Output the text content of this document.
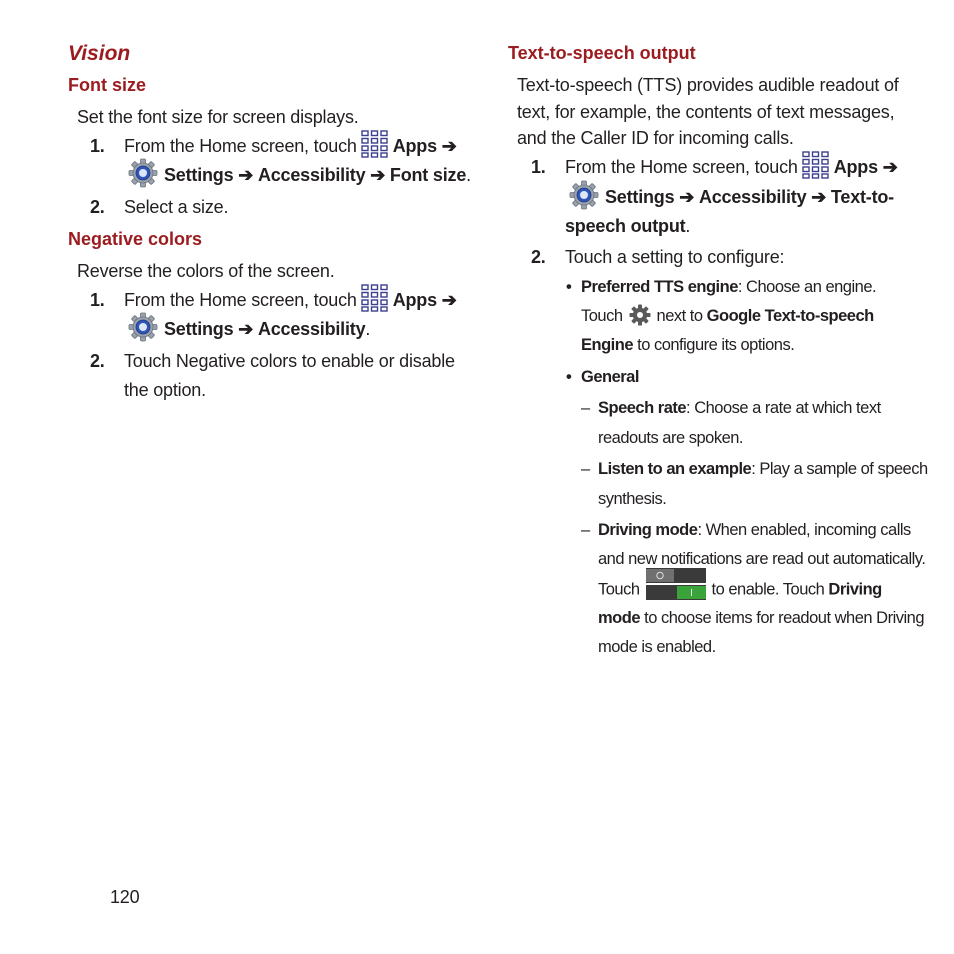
Vision
Font size
Set the font size for screen displays.
1. From the Home screen, touch Apps ➔
Settings ➔ Accessibility ➔ Font size.
2. Select a size.
Negative colors
Reverse the colors of the screen.
1. From the Home screen, touch Apps ➔
Settings ➔ Accessibility.
2. Touch Negative colors to enable or disable
the option.
120
Text-to-speech output
Text-to-speech (TTS) provides audible readout of
text, for example, the contents of text messages,
and the Caller ID for incoming calls.
1. From the Home screen, touch Apps ➔
Settings ➔ Accessibility ➔ Text-to-
speech output.
2. Touch a setting to configure:
• Preferred TTS engine: Choose an engine.
Touch next to Google Text-to-speech
Engine to configure its options.
• General
– Speech rate: Choose a rate at which text
readouts are spoken.
– Listen to an example: Play a sample of speech
synthesis.
– Driving mode: When enabled, incoming calls
and new notifications are read out automatically.
Touch	to enable. Touch Driving
mode to choose items for readout when Driving
mode is enabled.
